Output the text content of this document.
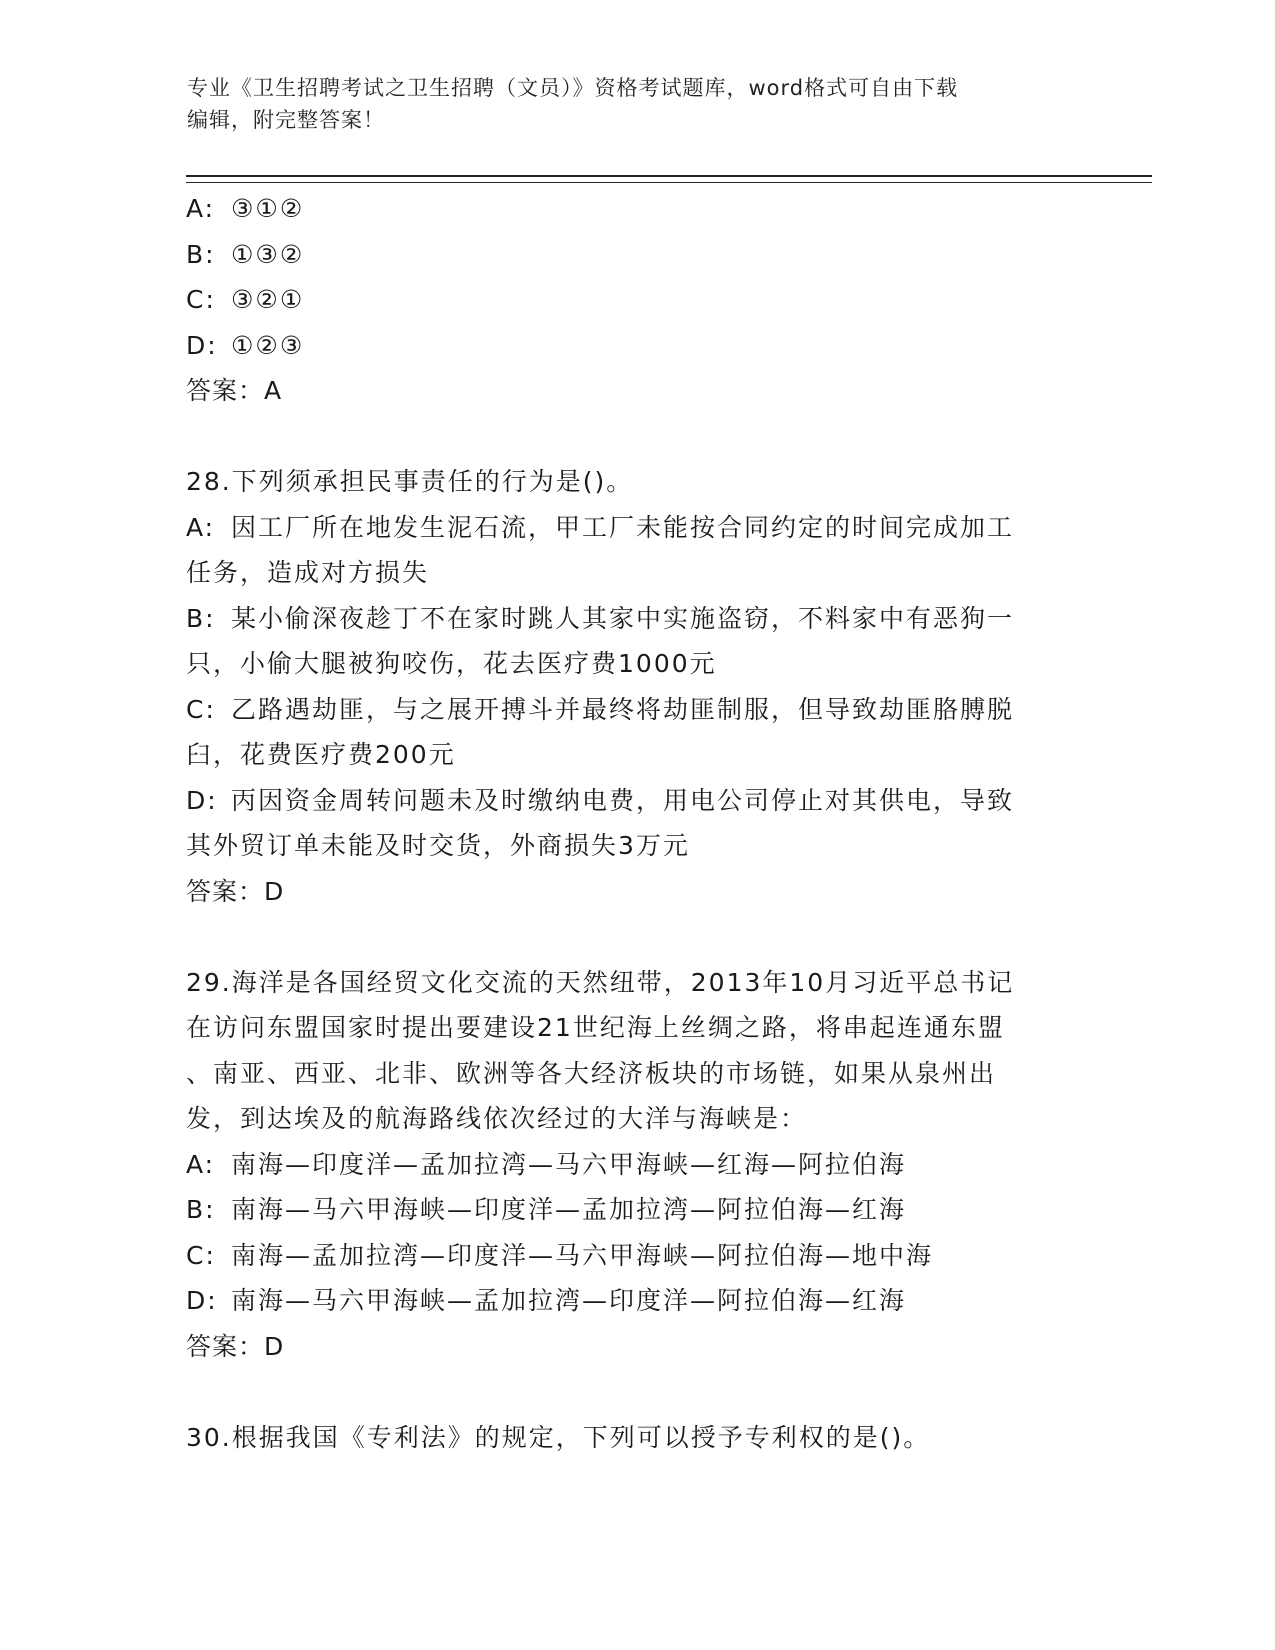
专业《卫生招聘考试之卫生招聘（文员）》资格考试题库，word格式可自由下载
编辑，附完整答案！
A: ③①②
B: ①③②
C: ③②①
D: ①②③
答案：A
28.下列须承担民事责任的行为是()。
A: 因工厂所在地发生泥石流，甲工厂未能按合同约定的时间完成加工
任务，造成对方损失
B: 某小偷深夜趁丁不在家时跳人其家中实施盗窃，不料家中有恶狗一
只，小偷大腿被狗咬伤，花去医疗费1000元
C: 乙路遇劫匪，与之展开搏斗并最终将劫匪制服，但导致劫匪胳膊脱
臼，花费医疗费200元
D: 丙因资金周转问题未及时缴纳电费，用电公司停止对其供电，导致
其外贸订单未能及时交货，外商损失3万元
答案：D
29.海洋是各国经贸文化交流的天然纽带，2013年10月习近平总书记
在访问东盟国家时提出要建设21世纪海上丝绸之路，将串起连通东盟
、南亚、西亚、北非、欧洲等各大经济板块的市场链，如果从泉州出
发，到达埃及的航海路线依次经过的大洋与海峡是：
A: 南海—印度洋—孟加拉湾—马六甲海峡—红海—阿拉伯海
B: 南海—马六甲海峡—印度洋—孟加拉湾—阿拉伯海—红海
C: 南海—孟加拉湾—印度洋—马六甲海峡—阿拉伯海—地中海
D: 南海—马六甲海峡—孟加拉湾—印度洋—阿拉伯海—红海
答案：D
30.根据我国《专利法》的规定，下列可以授予专利权的是()。
